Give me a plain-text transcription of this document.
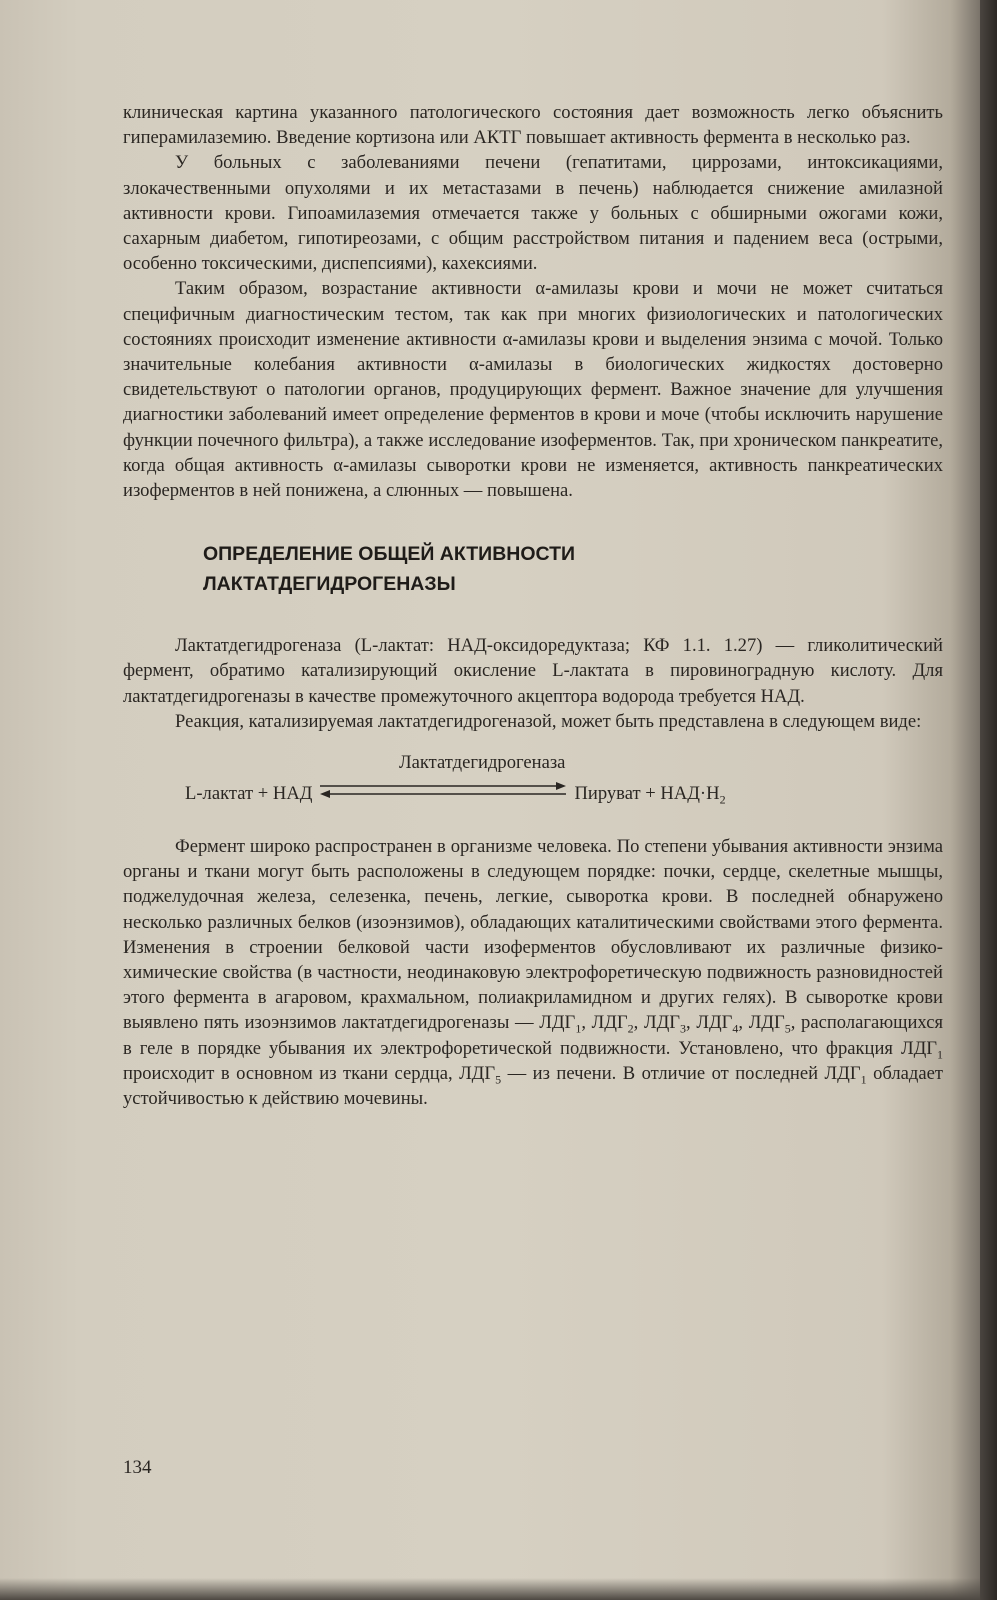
клиническая картина указанного патологического состояния дает возможность легко объяснить гиперамилаземию. Введение кортизона или АКТГ повышает активность фермента в несколько раз.

У больных с заболеваниями печени (гепатитами, циррозами, интоксикациями, злокачественными опухолями и их метастазами в печень) наблюдается снижение амилазной активности крови. Гипоамилаземия отмечается также у больных с обширными ожогами кожи, сахарным диабетом, гипотиреозами, с общим расстройством питания и падением веса (острыми, особенно токсическими, диспепсиями), кахексиями.

Таким образом, возрастание активности α-амилазы крови и мочи не может считаться специфичным диагностическим тестом, так как при многих физиологических и патологических состояниях происходит изменение активности α-амилазы крови и выделения энзима с мочой. Только значительные колебания активности α-амилазы в биологических жидкостях достоверно свидетельствуют о патологии органов, продуцирующих фермент. Важное значение для улучшения диагностики заболеваний имеет определение ферментов в крови и моче (чтобы исключить нарушение функции почечного фильтра), а также исследование изоферментов. Так, при хроническом панкреатите, когда общая активность α-амилазы сыворотки крови не изменяется, активность панкреатических изоферментов в ней понижена, а слюнных — повышена.

ОПРЕДЕЛЕНИЕ ОБЩЕЙ АКТИВНОСТИ
ЛАКТАТДЕГИДРОГЕНАЗЫ

Лактатдегидрогеназа (L-лактат: НАД-оксидоредуктаза; КФ 1.1. 1.27) — гликолитический фермент, обратимо катализирующий окисление L-лактата в пировиноградную кислоту. Для лактатдегидрогеназы в качестве промежуточного акцептора водорода требуется НАД.

Реакция, катализируемая лактатдегидрогеназой, может быть представлена в следующем виде:

Лактатдегидрогеназа
L-лактат + НАД	Пируват + $НАД\cdot Н_2$

Фермент широко распространен в организме человека. По степени убывания активности энзима органы и ткани могут быть расположены в следующем порядке: почки, сердце, скелетные мышцы, поджелудочная железа, селезенка, печень, легкие, сыворотка крови. В последней обнаружено несколько различных белков (изоэнзимов), обладающих каталитическими свойствами этого фермента. Изменения в строении белковой части изоферментов обусловливают их различные физико-химические свойства (в частности, неодинаковую электрофоретическую подвижность разновидностей этого фермента в агаровом, крахмальном, полиакриламидном и других гелях). В сыворотке крови выявлено пять изоэнзимов лактатдегидрогеназы — $ЛДГ_1$, $ЛДГ_2$, $ЛДГ_3$, $ЛДГ_4$, $ЛДГ_5$, располагающихся в геле в порядке убывания их электрофоретической подвижности. Установлено, что фракция $ЛДГ_1$ происходит в основном из ткани сердца, $ЛДГ_5$ — из печени. В отличие от последней $ЛДГ_1$ обладает устойчивостью к действию мочевины.

134
